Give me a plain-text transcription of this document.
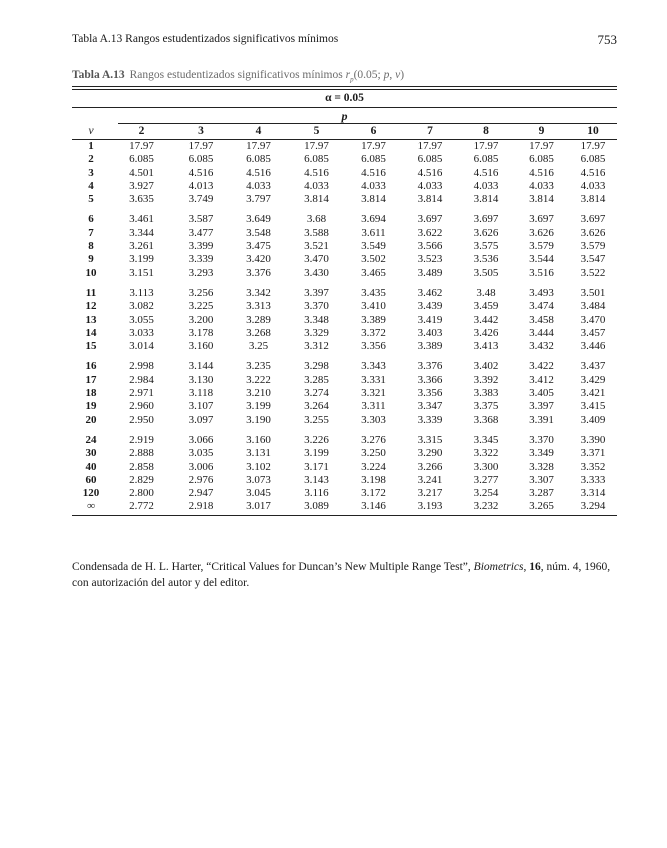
Tabla A.13 Rangos estudentizados significativos mínimos	753
Tabla A.13 Rangos estudentizados significativos mínimos $r_p(0.05$; p, ν)
α = 0.05
p
ν	2	3	4	5	6	7	8	9	10
1	17.97	17.97	17.97	17.97	17.97	17.97	17.97	17.97	17.97
2	6.085	6.085	6.085	6.085	6.085	6.085	6.085	6.085	6.085
3	4.501	4.516	4.516	4.516	4.516	4.516	4.516	4.516	4.516
4	3.927	4.013	4.033	4.033	4.033	4.033	4.033	4.033	4.033
5	3.635	3.749	3.797	3.814	3.814	3.814	3.814	3.814	3.814

6	3.461	3.587	3.649	3.68	3.694	3.697	3.697	3.697	3.697
7	3.344	3.477	3.548	3.588	3.611	3.622	3.626	3.626	3.626
8	3.261	3.399	3.475	3.521	3.549	3.566	3.575	3.579	3.579
9	3.199	3.339	3.420	3.470	3.502	3.523	3.536	3.544	3.547
10	3.151	3.293	3.376	3.430	3.465	3.489	3.505	3.516	3.522

11	3.113	3.256	3.342	3.397	3.435	3.462	3.48	3.493	3.501
12	3.082	3.225	3.313	3.370	3.410	3.439	3.459	3.474	3.484
13	3.055	3.200	3.289	3.348	3.389	3.419	3.442	3.458	3.470
14	3.033	3.178	3.268	3.329	3.372	3.403	3.426	3.444	3.457
15	3.014	3.160	3.25	3.312	3.356	3.389	3.413	3.432	3.446

16	2.998	3.144	3.235	3.298	3.343	3.376	3.402	3.422	3.437
17	2.984	3.130	3.222	3.285	3.331	3.366	3.392	3.412	3.429
18	2.971	3.118	3.210	3.274	3.321	3.356	3.383	3.405	3.421
19	2.960	3.107	3.199	3.264	3.311	3.347	3.375	3.397	3.415
20	2.950	3.097	3.190	3.255	3.303	3.339	3.368	3.391	3.409

24	2.919	3.066	3.160	3.226	3.276	3.315	3.345	3.370	3.390
30	2.888	3.035	3.131	3.199	3.250	3.290	3.322	3.349	3.371
40	2.858	3.006	3.102	3.171	3.224	3.266	3.300	3.328	3.352
60	2.829	2.976	3.073	3.143	3.198	3.241	3.277	3.307	3.333
120	2.800	2.947	3.045	3.116	3.172	3.217	3.254	3.287	3.314
∞	2.772	2.918	3.017	3.089	3.146	3.193	3.232	3.265	3.294
Condensada de H. L. Harter, “Critical Values for Duncan’s New Multiple Range Test”, Biometrics, 16, núm. 4, 1960, con autorización del autor y del editor.
